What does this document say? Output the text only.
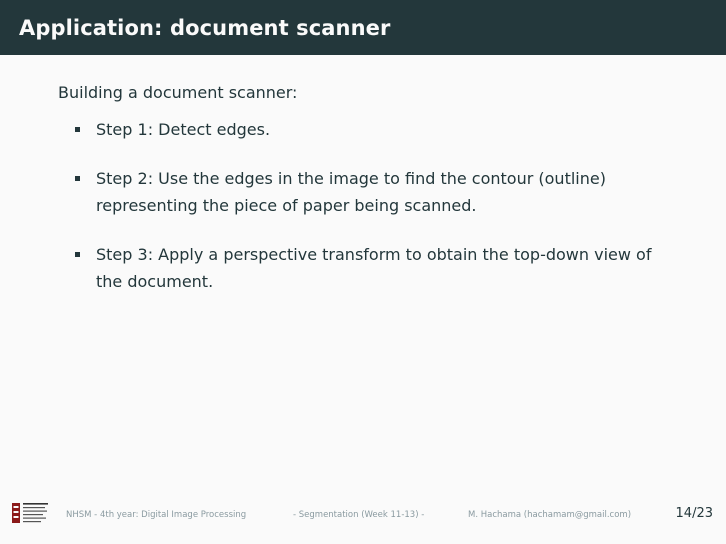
Application: document scanner

Building a document scanner:

Step 1: Detect edges.
Step 2: Use the edges in the image to find the contour (outline) representing the piece of paper being scanned.
Step 3: Apply a perspective transform to obtain the top-down view of the document.
NHSM - 4th year: Digital Image Processing	- Segmentation (Week 11-13) -	M. Hachama (hachamam@gmail.com)	14/23
